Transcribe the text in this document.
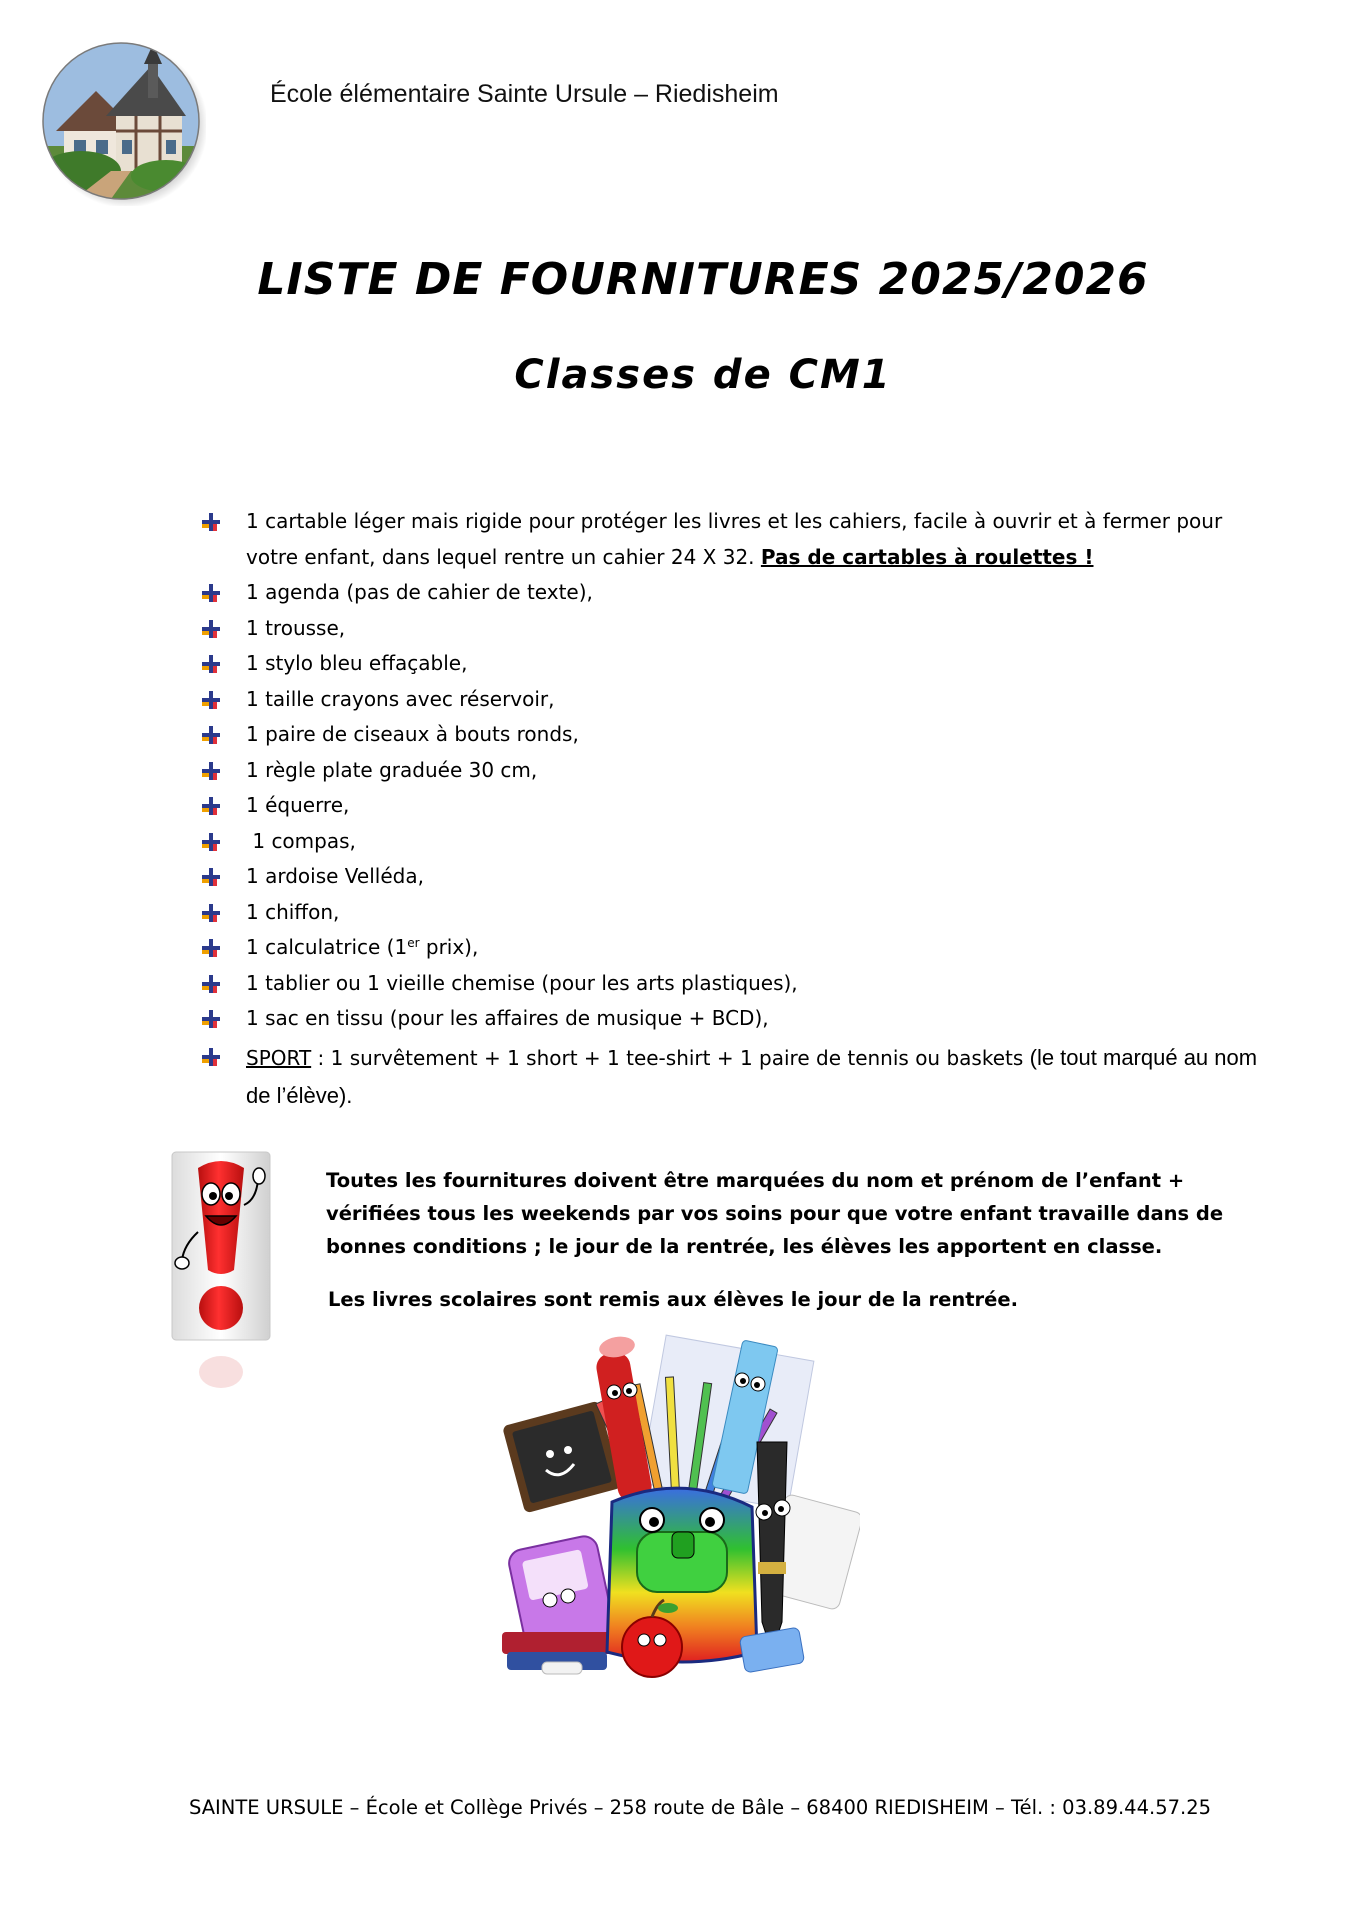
École élémentaire Sainte Ursule – Riedisheim
LISTE DE FOURNITURES 2025/2026
Classes de CM1
1 cartable léger mais rigide pour protéger les livres et les cahiers, facile à ouvrir et à fermer pour votre enfant, dans lequel rentre un cahier 24 X 32. Pas de cartables à roulettes !
1 agenda (pas de cahier de texte),
1 trousse,
1 stylo bleu effaçable,
1 taille crayons avec réservoir,
1 paire de ciseaux à bouts ronds,
1 règle plate graduée 30 cm,
1 équerre,
1 compas,
1 ardoise Velléda,
1 chiffon,
1 calculatrice (1er prix),
1 tablier ou 1 vieille chemise (pour les arts plastiques),
1 sac en tissu (pour les affaires de musique + BCD),
SPORT : 1 survêtement + 1 short + 1 tee-shirt + 1 paire de tennis ou baskets (le tout marqué au nom de l’élève).
Toutes les fournitures doivent être marquées du nom et prénom de l’enfant + vérifiées tous les weekends par vos soins pour que votre enfant travaille dans de bonnes conditions ; le jour de la rentrée, les élèves les apportent en classe.
Les livres scolaires sont remis aux élèves le jour de la rentrée.
SAINTE URSULE – École et Collège Privés – 258 route de Bâle – 68400 RIEDISHEIM – Tél. : 03.89.44.57.25
